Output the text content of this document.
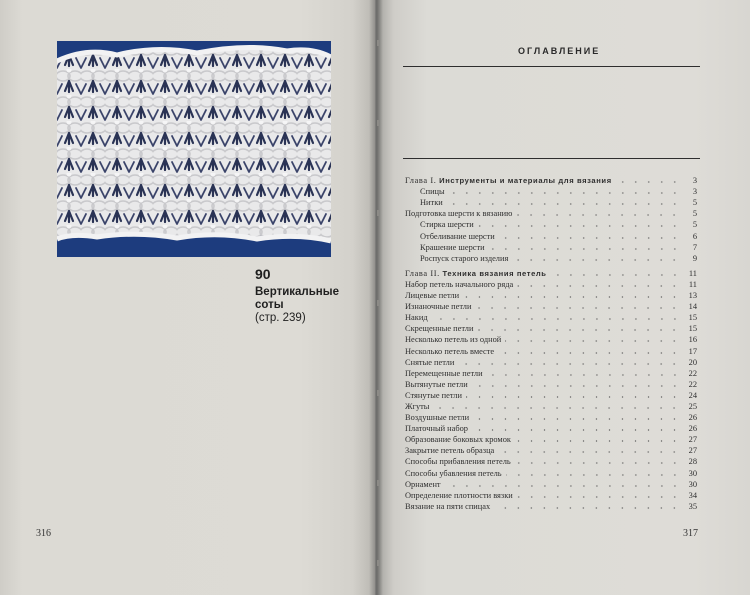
90
Вертикальные
соты
(стр. 239)
316
ОГЛАВЛЕНИЕ
Глава I. Инструменты и материалы для вязания	3
Спицы	3
Нитки	5
Подготовка шерсти к вязанию	5
Стирка шерсти	5
Отбеливание шерсти	6
Крашение шерсти	7
Роспуск старого изделия	9
Глава II. Техника вязания петель	11
Набор петель начального ряда	11
Лицевые петли	13
Изнаночные петли	14
Накид	15
Скрещенные петли	15
Несколько петель из одной	16
Несколько петель вместе	17
Снятые петли	20
Перемещенные петли	22
Вытянутые петли	22
Стянутые петли	24
Жгуты	25
Воздушные петли	26
Платочный набор	26
Образование боковых кромок	27
Закрытие петель образца	27
Способы прибавления петель	28
Способы убавления петель	30
Орнамент	30
Определение плотности вязки	34
Вязание на пяти спицах	35
317
